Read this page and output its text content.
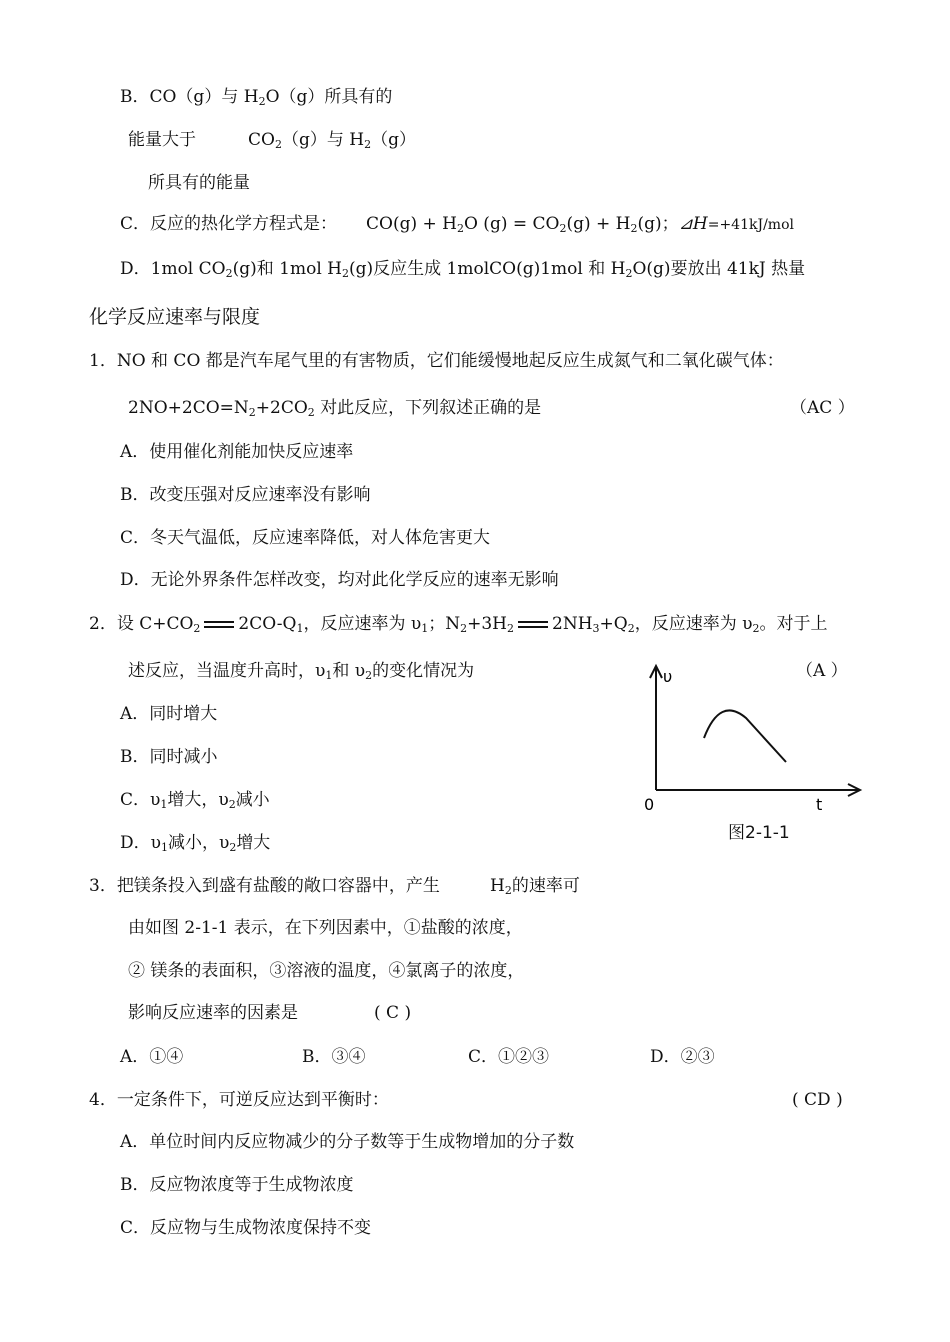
B．CO（g）与 $H_2O(g)$所具有的
能量大于	$CO_2(g)$与 $H_2(g)$
所具有的能量
C．反应的热化学方程式是： $CO(g) + H_2O$ $(g) = CO_2(g) + H_2(g)$；⊿H=+41kJ/mol
D．1mol $CO_2(g)$和 1mol $H_2(g)$反应生成 1molCO(g)1mol 和 $H_2O(g)$要放出 41kJ 热量
化学反应速率与限度
1．NO 和 CO 都是汽车尾气里的有害物质，它们能缓慢地起反应生成氮气和二氧化碳气体：
$2NO+2CO=N_2+2CO_2$ 对此反应，下列叙述正确的是	（AC ）
A．使用催化剂能加快反应速率
B．改变压强对反应速率没有影响
C．冬天气温低，反应速率降低，对人体危害更大
D．无论外界条件怎样改变，均对此化学反应的速率无影响
2．设 $C+CO_2$ $2CO-Q_1$，反应速率为 $\upsilon_1$；$N_2+3H_2$ $2NH_3+Q_2$，反应速率为 $\upsilon_2$。对于上
述反应，当温度升高时，$\upsilon_1$和 $\upsilon_2$的变化情况为	（A ）
A．同时增大
B．同时减小
C．$\upsilon_1$增大，$\upsilon_2$减小
D．$\upsilon_1$减小，$\upsilon_2$增大
υ
t
0
图2-1-1
3．把镁条投入到盛有盐酸的敞口容器中，产生	$H_2$的速率可
由如图 2-1-1 表示，在下列因素中，①盐酸的浓度，
② 镁条的表面积，③溶液的温度，④氯离子的浓度，
影响反应速率的因素是	( C )
A．①④	B．③④	C．①②③	D．②③
4．一定条件下，可逆反应达到平衡时：	( CD )
A．单位时间内反应物减少的分子数等于生成物增加的分子数
B．反应物浓度等于生成物浓度
C．反应物与生成物浓度保持不变
